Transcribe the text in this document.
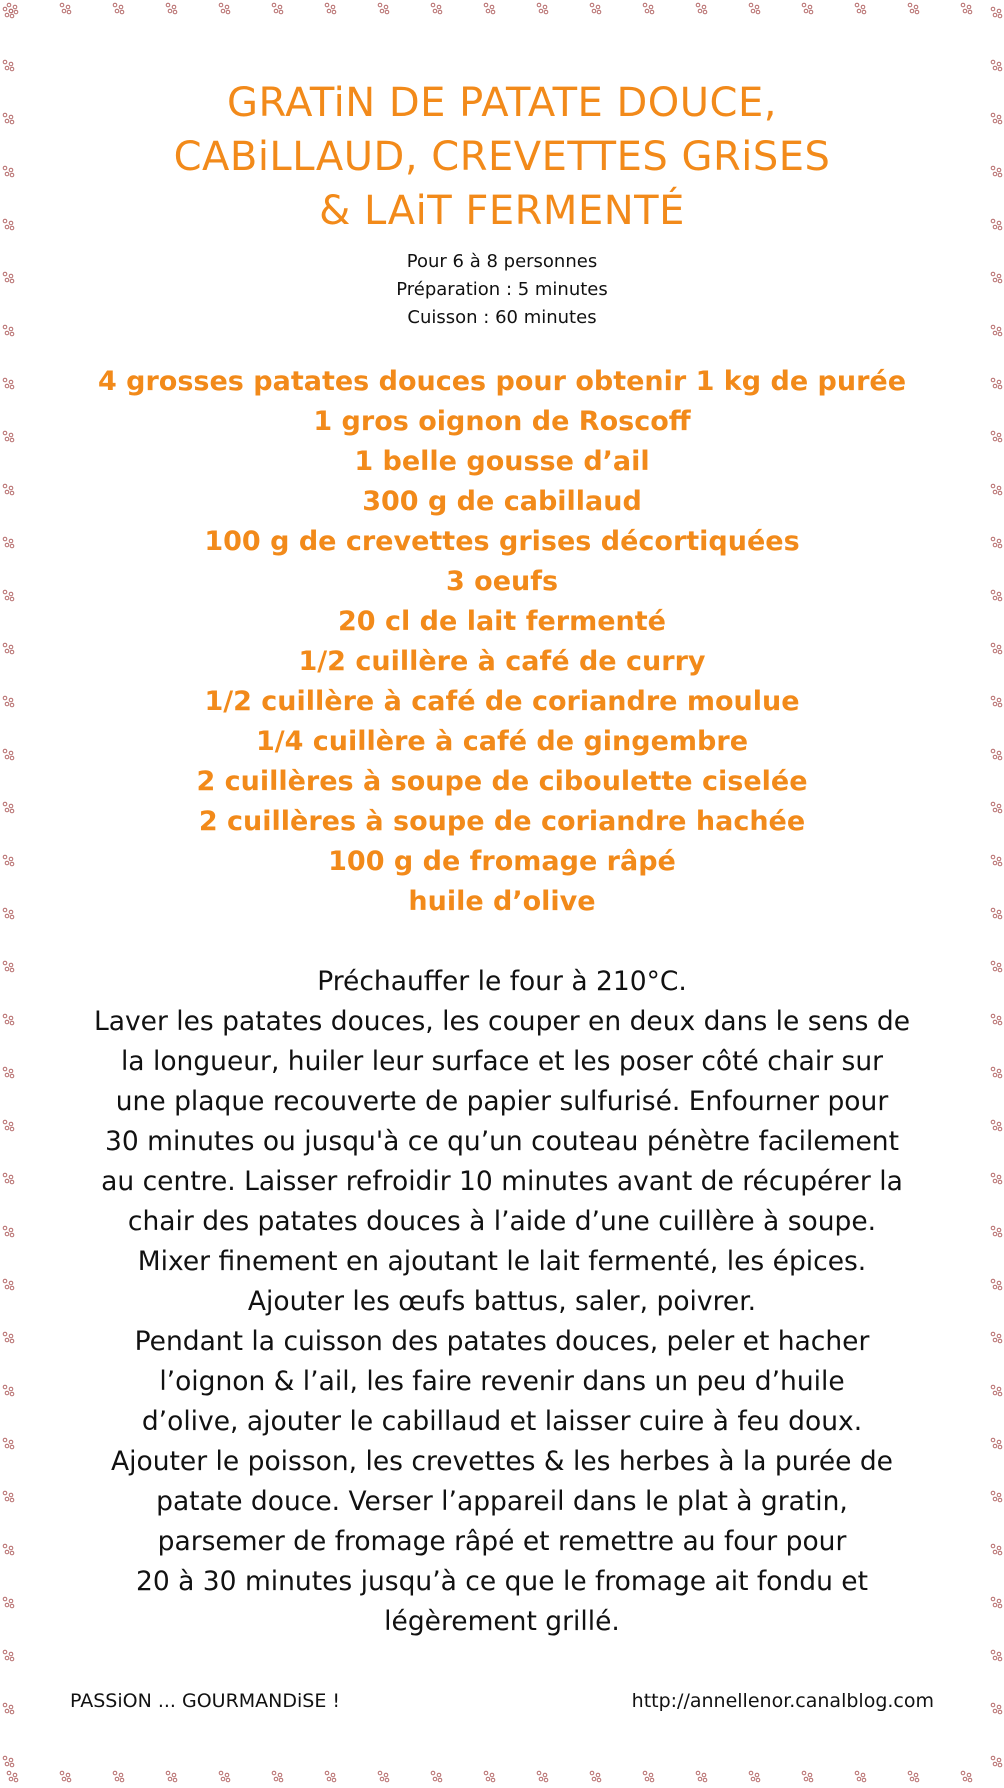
GRATiN DE PATATE DOUCE,
CABiLLAUD, CREVETTES GRiSES
& LAiT FERMENTÉ
Pour 6 à 8 personnes
Préparation : 5 minutes
Cuisson : 60 minutes
4 grosses patates douces pour obtenir 1 kg de purée
1 gros oignon de Roscoff
1 belle gousse d’ail
300 g de cabillaud
100 g de crevettes grises décortiquées
3 oeufs
20 cl de lait fermenté
1/2 cuillère à café de curry
1/2 cuillère à café de coriandre moulue
1/4 cuillère à café de gingembre
2 cuillères à soupe de ciboulette ciselée
2 cuillères à soupe de coriandre hachée
100 g de fromage râpé
huile d’olive
Préchauffer le four à 210°C.
Laver les patates douces, les couper en deux dans le sens de
la longueur, huiler leur surface et les poser côté chair sur
une plaque recouverte de papier sulfurisé. Enfourner pour
30 minutes ou jusqu'à ce qu’un couteau pénètre facilement
au centre. Laisser refroidir 10 minutes avant de récupérer la
chair des patates douces à l’aide d’une cuillère à soupe.
Mixer finement en ajoutant le lait fermenté, les épices.
Ajouter les œufs battus, saler, poivrer.
Pendant la cuisson des patates douces, peler et hacher
l’oignon & l’ail, les faire revenir dans un peu d’huile
d’olive, ajouter le cabillaud et laisser cuire à feu doux.
Ajouter le poisson, les crevettes & les herbes à la purée de
patate douce. Verser l’appareil dans le plat à gratin,
parsemer de fromage râpé et remettre au four pour
20 à 30 minutes jusqu’à ce que le fromage ait fondu et
légèrement grillé.
PASSiON ... GOURMANDiSE !	http://annellenor.canalblog.com
